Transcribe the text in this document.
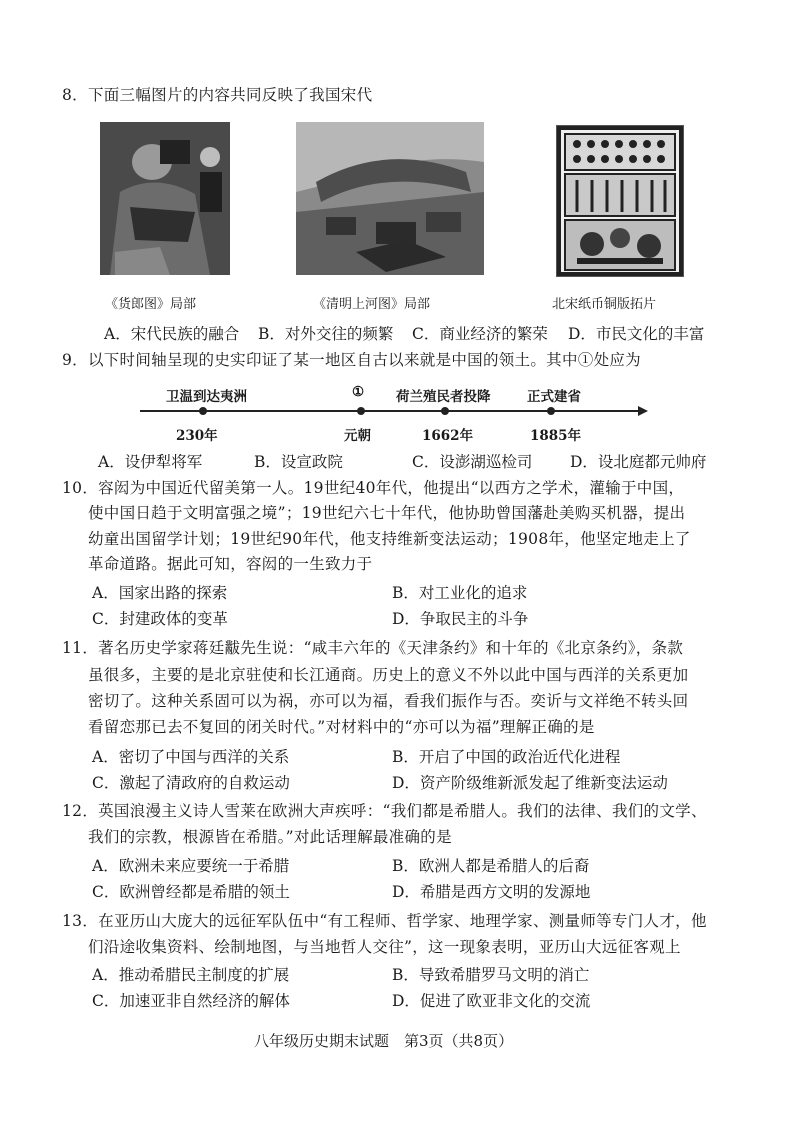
8．下面三幅图片的内容共同反映了我国宋代
《货郎图》局部	《清明上河图》局部	北宋纸币铜版拓片
A．宋代民族的融合 B．对外交往的频繁 C．商业经济的繁荣 D．市民文化的丰富
9．以下时间轴呈现的史实印证了某一地区自古以来就是中国的领土。其中①处应为
卫温到达夷洲	① 荷兰殖民者投降	正式建省
230年	元朝	1662年	1885年
A．设伊犁将军	B．设宣政院	C．设澎湖巡检司 D．设北庭都元帅府
10．容闳为中国近代留美第一人。19世纪40年代，他提出“以西方之学术，灌输于中国，
使中国日趋于文明富强之境”；19世纪六七十年代，他协助曾国藩赴美购买机器，提出
幼童出国留学计划；19世纪90年代，他支持维新变法运动；1908年，他坚定地走上了
革命道路。据此可知，容闳的一生致力于
A．国家出路的探索	B．对工业化的追求
C．封建政体的变革	D．争取民主的斗争
11．著名历史学家蒋廷黻先生说：“咸丰六年的《天津条约》和十年的《北京条约》，条款
虽很多，主要的是北京驻使和长江通商。历史上的意义不外以此中国与西洋的关系更加
密切了。这种关系固可以为祸，亦可以为福，看我们振作与否。奕䜣与文祥绝不转头回
看留恋那已去不复回的闭关时代。”对材料中的“亦可以为福”理解正确的是
A．密切了中国与西洋的关系	B．开启了中国的政治近代化进程
C．激起了清政府的自救运动	D．资产阶级维新派发起了维新变法运动
12．英国浪漫主义诗人雪莱在欧洲大声疾呼：“我们都是希腊人。我们的法律、我们的文学、
我们的宗教，根源皆在希腊。”对此话理解最准确的是
A．欧洲未来应要统一于希腊	B．欧洲人都是希腊人的后裔
C．欧洲曾经都是希腊的领土	D．希腊是西方文明的发源地
13．在亚历山大庞大的远征军队伍中“有工程师、哲学家、地理学家、测量师等专门人才，他
们沿途收集资料、绘制地图，与当地哲人交往”，这一现象表明，亚历山大远征客观上
A．推动希腊民主制度的扩展	B．导致希腊罗马文明的消亡
C．加速亚非自然经济的解体	D．促进了欧亚非文化的交流
八年级历史期末试题　第3页（共8页）
